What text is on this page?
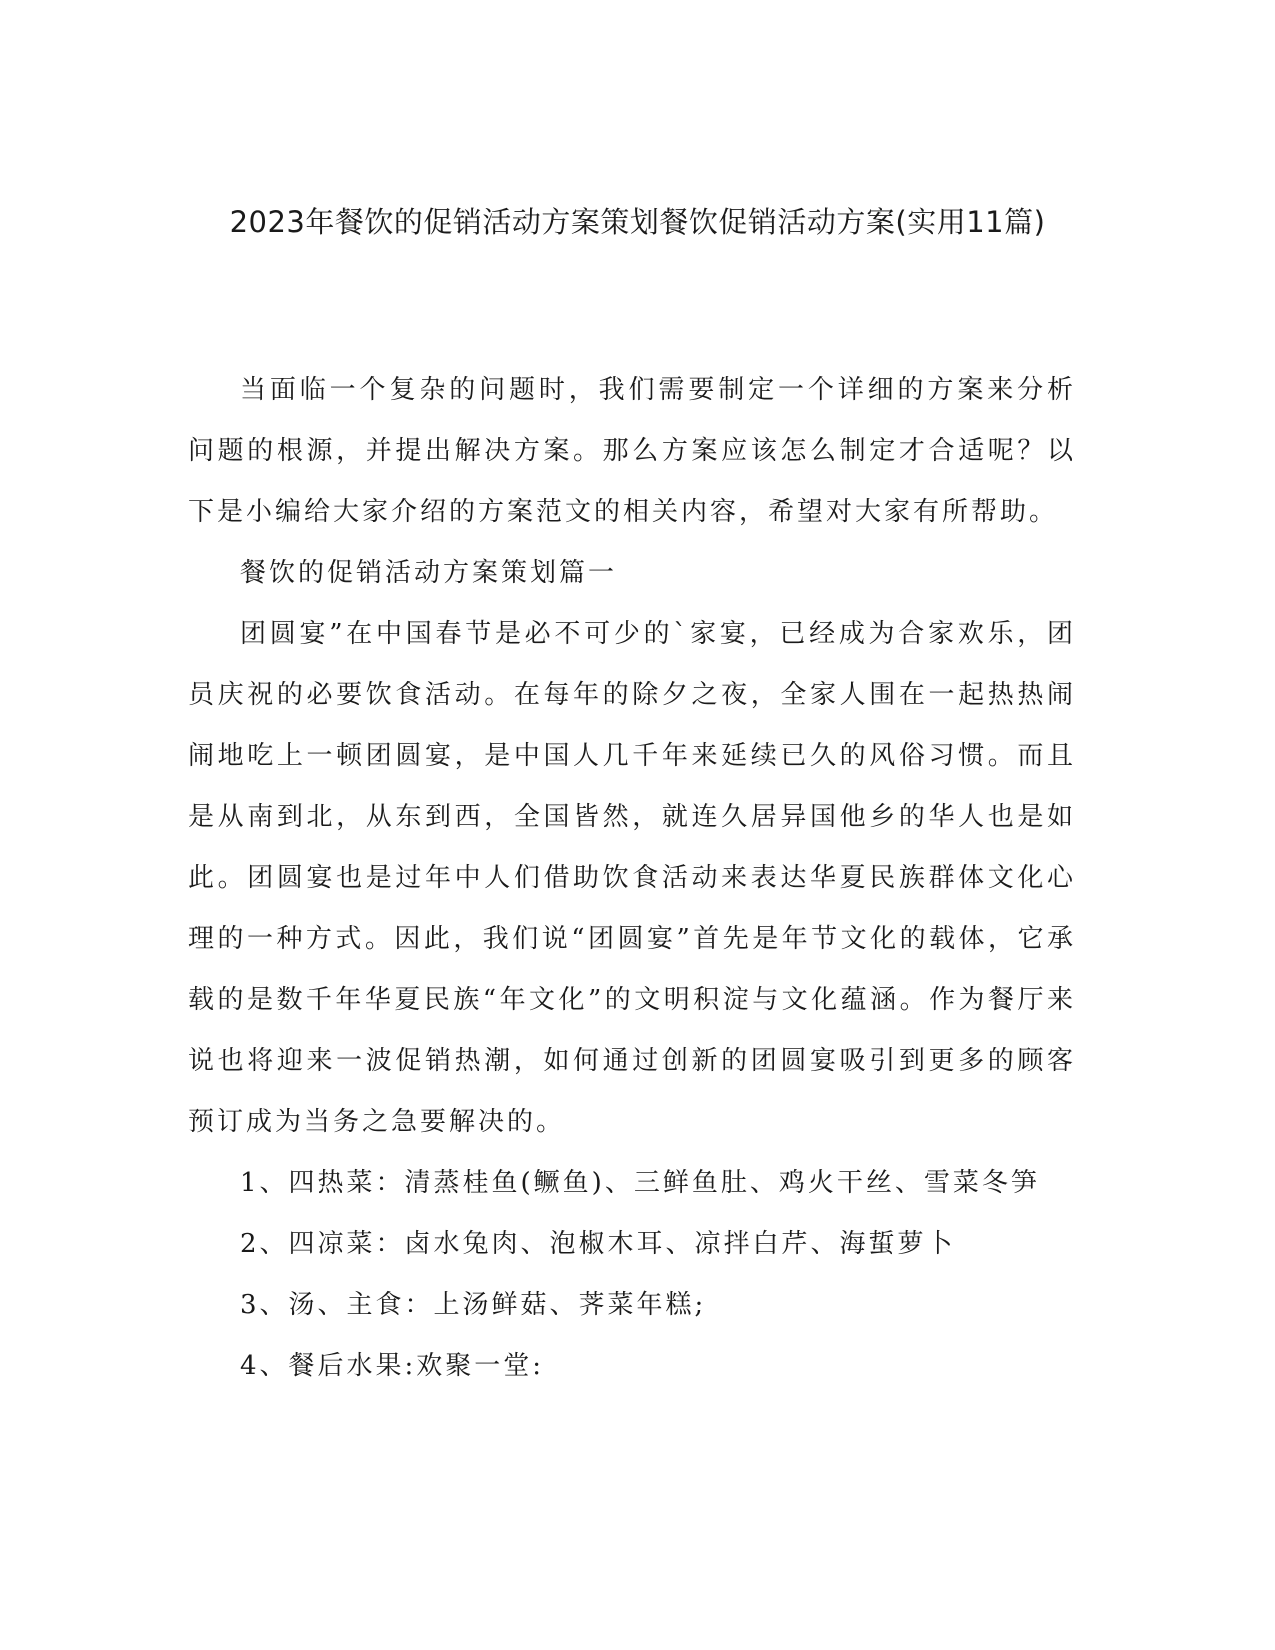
2023年餐饮的促销活动方案策划餐饮促销活动方案(实用11篇)

当面临一个复杂的问题时，我们需要制定一个详细的方案来分析问题的根源，并提出解决方案。那么方案应该怎么制定才合适呢？以下是小编给大家介绍的方案范文的相关内容，希望对大家有所帮助。

餐饮的促销活动方案策划篇一

团圆宴”在中国春节是必不可少的`家宴，已经成为合家欢乐，团员庆祝的必要饮食活动。在每年的除夕之夜，全家人围在一起热热闹闹地吃上一顿团圆宴，是中国人几千年来延续已久的风俗习惯。而且是从南到北，从东到西，全国皆然，就连久居异国他乡的华人也是如此。团圆宴也是过年中人们借助饮食活动来表达华夏民族群体文化心理的一种方式。因此，我们说“团圆宴”首先是年节文化的载体，它承载的是数千年华夏民族“年文化”的文明积淀与文化蕴涵。作为餐厅来说也将迎来一波促销热潮，如何通过创新的团圆宴吸引到更多的顾客预订成为当务之急要解决的。

1、四热菜：清蒸桂鱼(鳜鱼)、三鲜鱼肚、鸡火干丝、雪菜冬笋

2、四凉菜：卤水兔肉、泡椒木耳、凉拌白芹、海蜇萝卜

3、汤、主食：上汤鲜菇、荠菜年糕;

4、餐后水果:欢聚一堂:
